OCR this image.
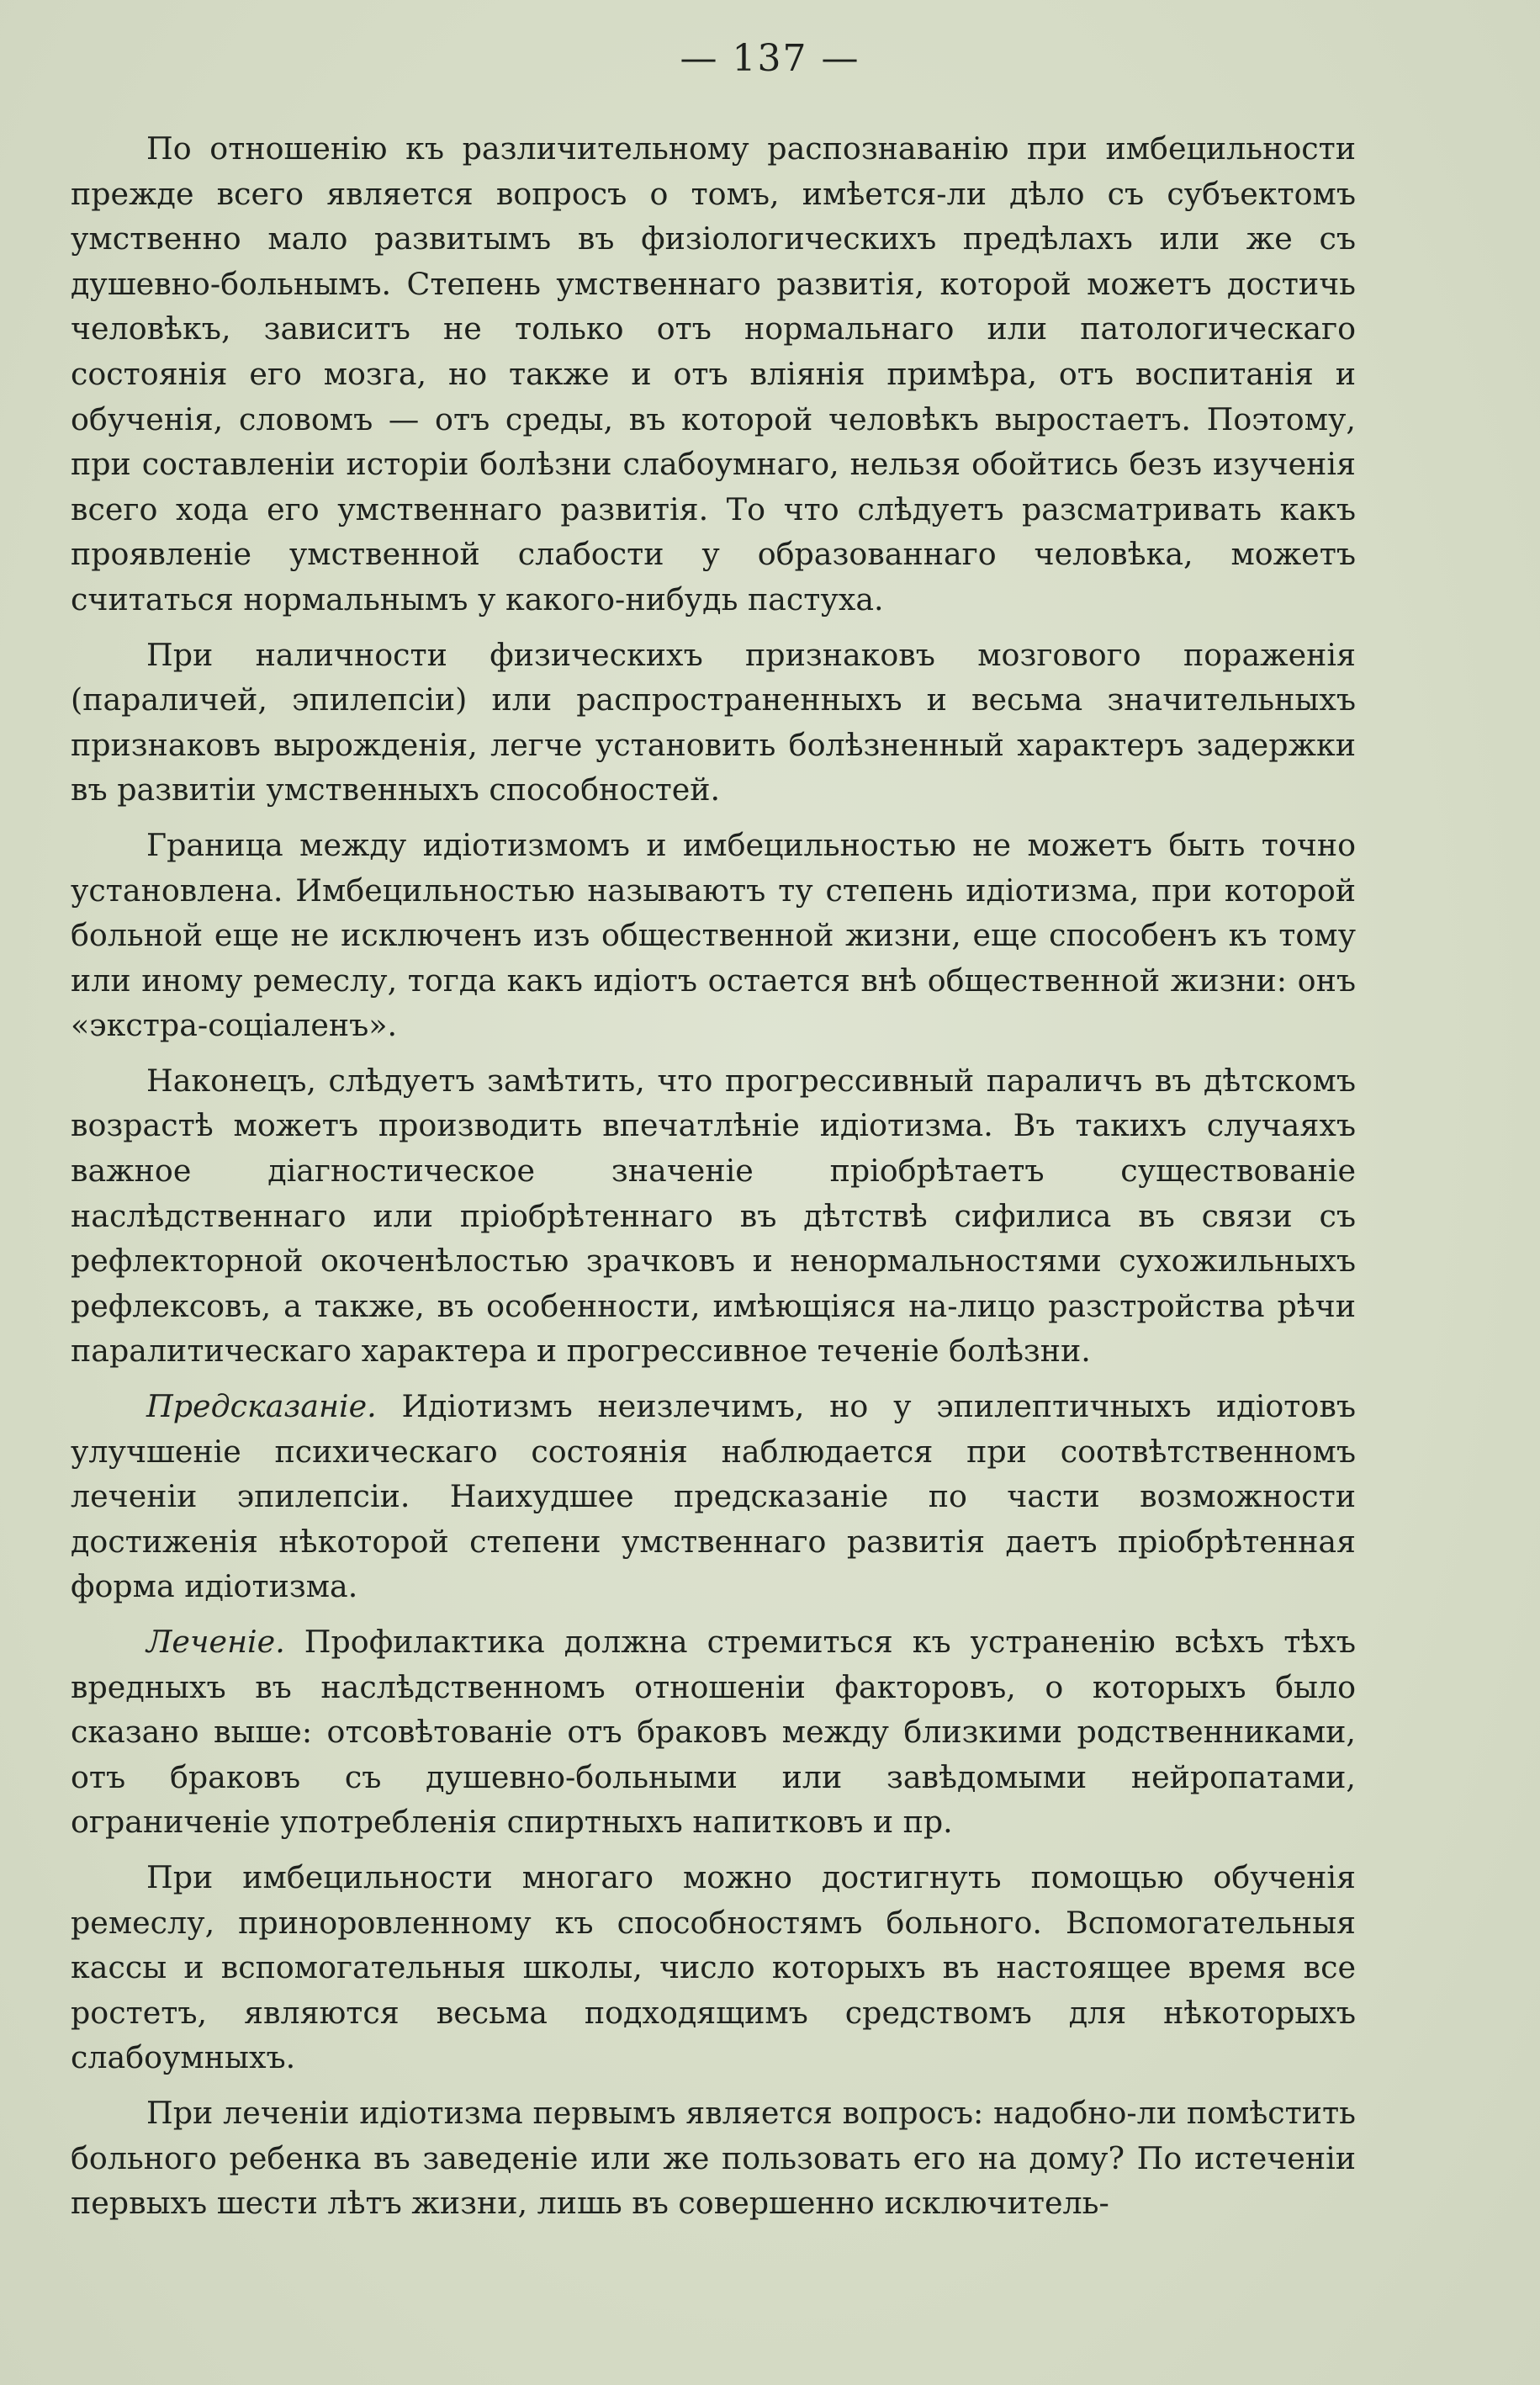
— 137 —

По отношенію къ различительному распознаванію при имбецильности прежде всего является вопросъ о томъ, имѣется-ли дѣло съ субъектомъ умственно мало развитымъ въ физіологическихъ предѣлахъ или же съ душевно-больнымъ. Степень умственнаго развитія, которой можетъ достичь человѣкъ, зависитъ не только отъ нормальнаго или патологическаго состоянія его мозга, но также и отъ вліянія примѣра, отъ воспитанія и обученія, словомъ — отъ среды, въ которой человѣкъ выростаетъ. Поэтому, при составленіи исторіи болѣзни слабоумнаго, нельзя обойтись безъ изученія всего хода его умственнаго развитія. То что слѣдуетъ разсматривать какъ проявленіе умственной слабости у образованнаго человѣка, можетъ считаться нормальнымъ у какого-нибудь пастуха.

При наличности физическихъ признаковъ мозгового пораженія (параличей, эпилепсіи) или распространенныхъ и весьма значительныхъ признаковъ вырожденія, легче установить болѣзненный характеръ задержки въ развитіи умственныхъ способностей.

Граница между идіотизмомъ и имбецильностью не можетъ быть точно установлена. Имбецильностью называютъ ту степень идіотизма, при которой больной еще не исключенъ изъ общественной жизни, еще способенъ къ тому или иному ремеслу, тогда какъ идіотъ остается внѣ общественной жизни: онъ «экстра-соціаленъ».

Наконецъ, слѣдуетъ замѣтить, что прогрессивный параличъ въ дѣтскомъ возрастѣ можетъ производить впечатлѣніе идіотизма. Въ такихъ случаяхъ важное діагностическое значеніе пріобрѣтаетъ существованіе наслѣдственнаго или пріобрѣтеннаго въ дѣтствѣ сифилиса въ связи съ рефлекторной окоченѣлостью зрачковъ и ненормальностями сухожильныхъ рефлексовъ, а также, въ особенности, имѣющіяся на-лицо разстройства рѣчи паралитическаго характера и прогрессивное теченіе болѣзни.

Предсказаніе. Идіотизмъ неизлечимъ, но у эпилептичныхъ идіотовъ улучшеніе психическаго состоянія наблюдается при соотвѣтственномъ леченіи эпилепсіи. Наихудшее предсказаніе по части возможности достиженія нѣкоторой степени умственнаго развитія даетъ пріобрѣтенная форма идіотизма.

Леченіе. Профилактика должна стремиться къ устраненію всѣхъ тѣхъ вредныхъ въ наслѣдственномъ отношеніи факторовъ, о которыхъ было сказано выше: отсовѣтованіе отъ браковъ между близкими родственниками, отъ браковъ съ душевно-больными или завѣдомыми нейропатами, ограниченіе употребленія спиртныхъ напитковъ и пр.

При имбецильности многаго можно достигнуть помощью обученія ремеслу, приноровленному къ способностямъ больного. Вспомогательныя кассы и вспомогательныя школы, число которыхъ въ настоящее время все ростетъ, являются весьма подходящимъ средствомъ для нѣкоторыхъ слабоумныхъ.

При леченіи идіотизма первымъ является вопросъ: надобно-ли помѣстить больного ребенка въ заведеніе или же пользовать его на дому? По истеченіи первыхъ шести лѣтъ жизни, лишь въ совершенно исключитель-
